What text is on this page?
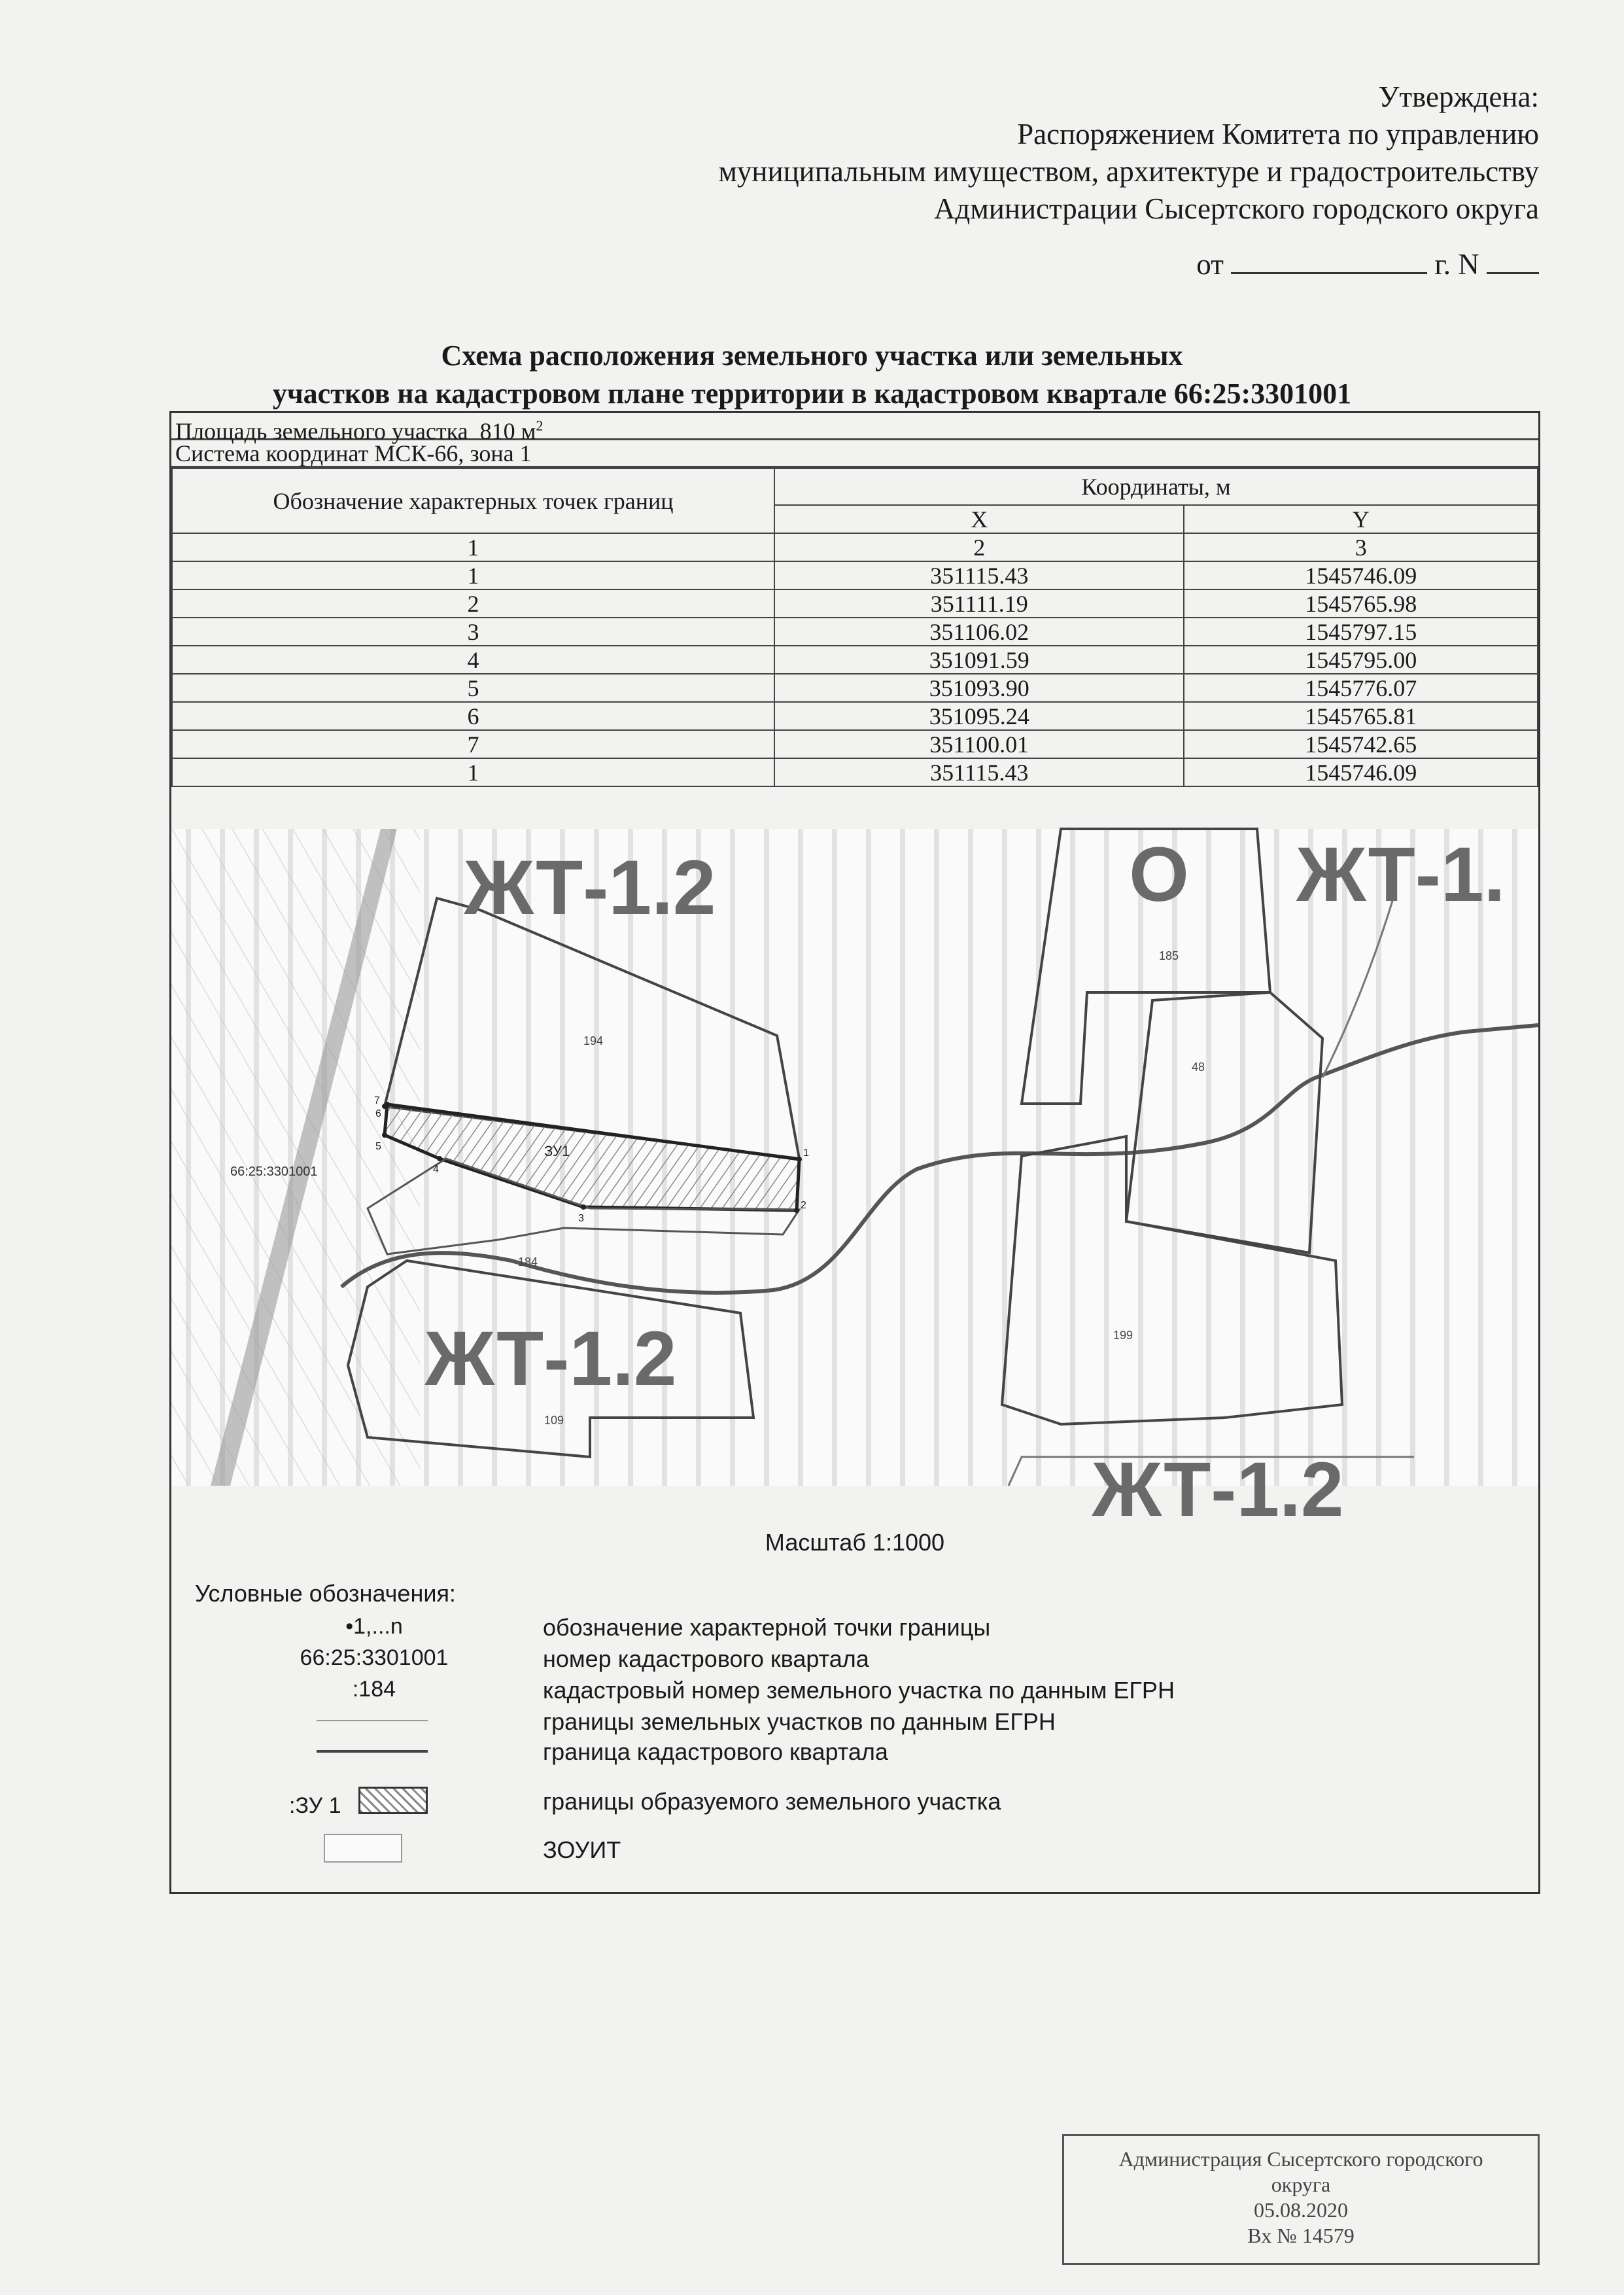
Утверждена:
Распоряжением Комитета по управлению
муниципальным имуществом, архитектуре и градостроительству
Администрации Сысертского городского округа
от	г. N
Схема расположения земельного участка или земельных
участков на кадастровом плане территории в кадастровом квартале 66:25:3301001
Площадь земельного участка 810 $м^2$
Система координат МСК-66, зона 1
Обозначение характерных точек границ	Координаты, м	
	X	Y
1	2	3
1	351115.43	1545746.09
2	351111.19	1545765.98
3	351106.02	1545797.15
4	351091.59	1545795.00
5	351093.90	1545776.07
6	351095.24	1545765.81
7	351100.01	1545742.65
1	351115.43	1545746.09
ЖТ-1.2	ЖТ-1.
О
ЖТ-1.2
ЖТ-1.2
66:25:3301001
194
ЗУ1
184
109
185
48
199
1
2
3
4
5
6
7
Масштаб 1:1000
Условные обозначения:
•1,...n	обозначение характерной точки границы
66:25:3301001	номер кадастрового квартала
:184	кадастровый номер земельного участка по данным ЕГРН
границы земельных участков по данным ЕГРН
граница кадастрового квартала
:ЗУ 1	границы образуемого земельного участка
ЗОУИТ
Администрация Сысертского городского
округа
05.08.2020
Вх № 14579
